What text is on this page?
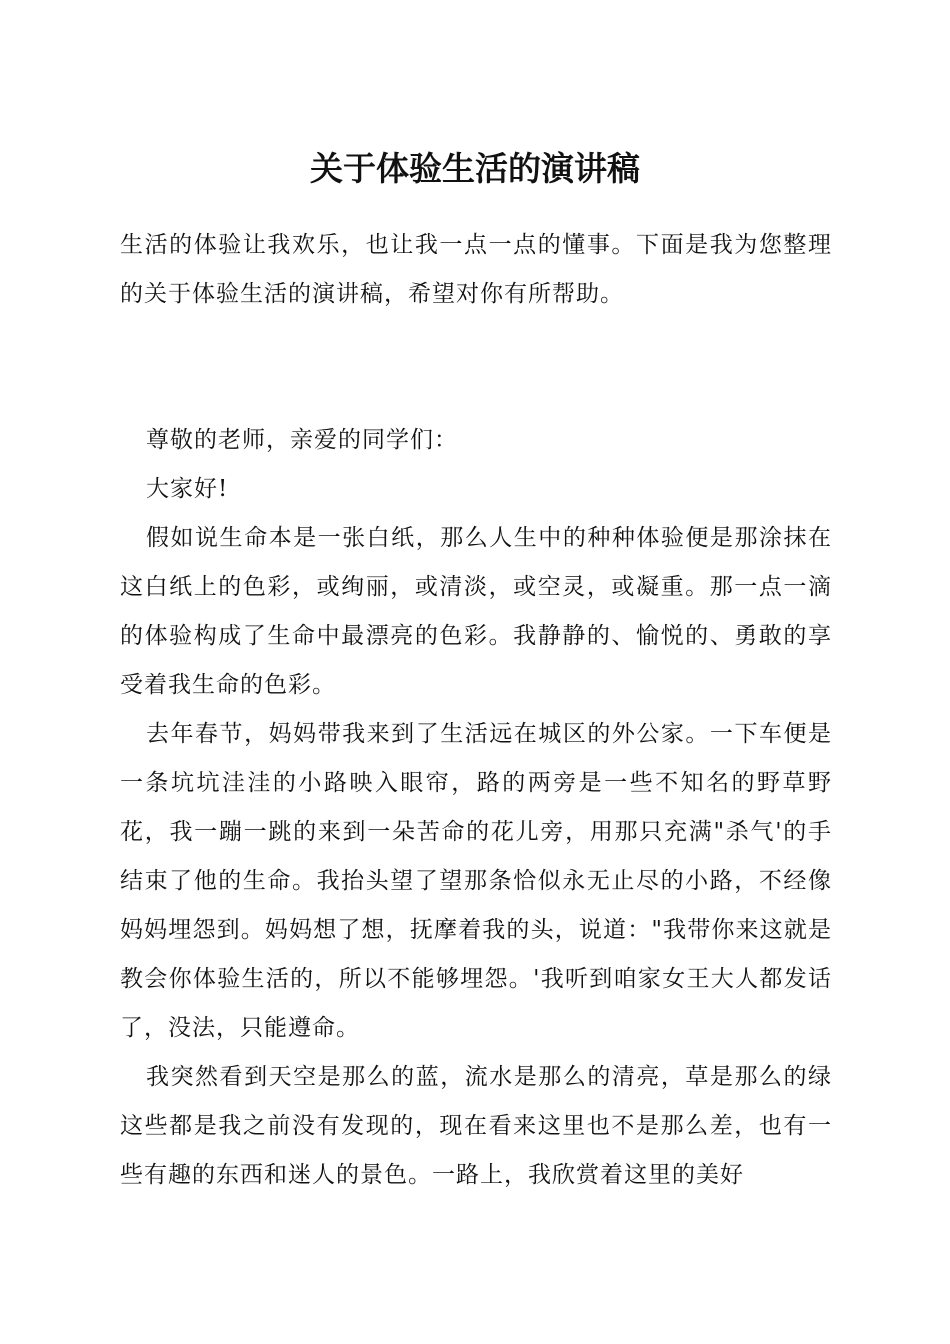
关于体验生活的演讲稿

生活的体验让我欢乐，也让我一点一点的懂事。下面是我为您整理的关于体验生活的演讲稿，希望对你有所帮助。

尊敬的老师，亲爱的同学们：

大家好!

假如说生命本是一张白纸，那么人生中的种种体验便是那涂抹在这白纸上的色彩，或绚丽，或清淡，或空灵，或凝重。那一点一滴的体验构成了生命中最漂亮的色彩。我静静的、愉悦的、勇敢的享受着我生命的色彩。

去年春节，妈妈带我来到了生活远在城区的外公家。一下车便是一条坑坑洼洼的小路映入眼帘，路的两旁是一些不知名的野草野花，我一蹦一跳的来到一朵苦命的花儿旁，用那只充满"杀气'的手结束了他的生命。我抬头望了望那条恰似永无止尽的小路，不经像妈妈埋怨到。妈妈想了想，抚摩着我的头，说道："我带你来这就是教会你体验生活的，所以不能够埋怨。'我听到咱家女王大人都发话了，没法，只能遵命。

我突然看到天空是那么的蓝，流水是那么的清亮，草是那么的绿这些都是我之前没有发现的，现在看来这里也不是那么差，也有一些有趣的东西和迷人的景色。一路上，我欣赏着这里的美好
